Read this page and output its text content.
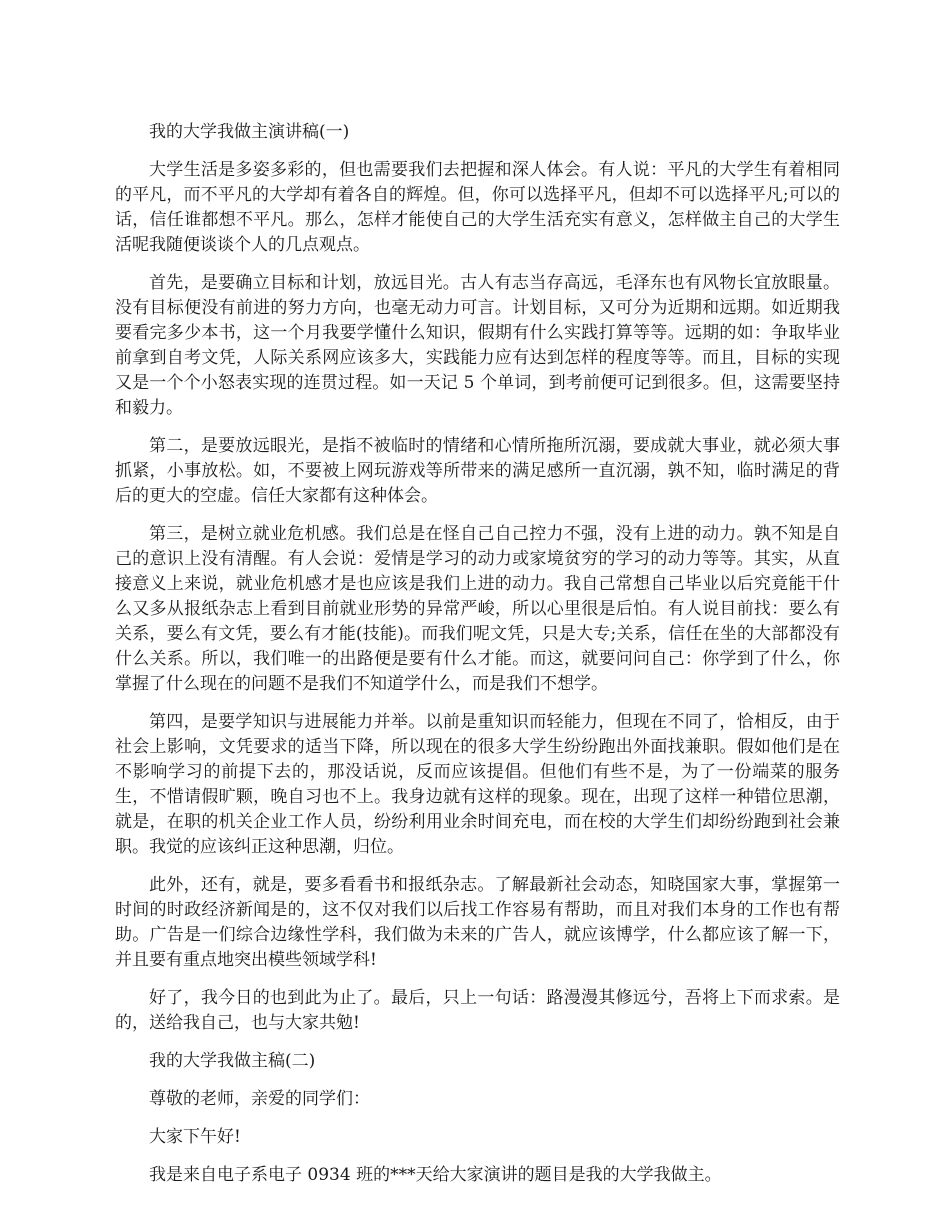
我的大学我做主演讲稿(一)

大学生活是多姿多彩的，但也需要我们去把握和深人体会。有人说：平凡的大学生有着相同的平凡，而不平凡的大学却有着各自的辉煌。但，你可以选择平凡，但却不可以选择平凡;可以的话，信任谁都想不平凡。那么，怎样才能使自己的大学生活充实有意义，怎样做主自己的大学生活呢我随便谈谈个人的几点观点。

首先，是要确立目标和计划，放远目光。古人有志当存高远，毛泽东也有风物长宜放眼量。没有目标便没有前进的努力方向，也毫无动力可言。计划目标，又可分为近期和远期。如近期我要看完多少本书，这一个月我要学懂什么知识，假期有什么实践打算等等。远期的如：争取毕业前拿到自考文凭，人际关系网应该多大，实践能力应有达到怎样的程度等等。而且，目标的实现又是一个个小怒表实现的连贯过程。如一天记 5 个单词，到考前便可记到很多。但，这需要坚持和毅力。

第二，是要放远眼光，是指不被临时的情绪和心情所拖所沉溺，要成就大事业，就必须大事抓紧，小事放松。如，不要被上网玩游戏等所带来的满足感所一直沉溺，孰不知，临时满足的背后的更大的空虚。信任大家都有这种体会。

第三，是树立就业危机感。我们总是在怪自己自己控力不强，没有上进的动力。孰不知是自己的意识上没有清醒。有人会说：爱情是学习的动力或家境贫穷的学习的动力等等。其实，从直接意义上来说，就业危机感才是也应该是我们上进的动力。我自己常想自己毕业以后究竟能干什么又多从报纸杂志上看到目前就业形势的异常严峻，所以心里很是后怕。有人说目前找：要么有关系，要么有文凭，要么有才能(技能)。而我们呢文凭，只是大专;关系，信任在坐的大部都没有什么关系。所以，我们唯一的出路便是要有什么才能。而这，就要问问自己：你学到了什么，你掌握了什么现在的问题不是我们不知道学什么，而是我们不想学。

第四，是要学知识与进展能力并举。以前是重知识而轻能力，但现在不同了，恰相反，由于社会上影响，文凭要求的适当下降，所以现在的很多大学生纷纷跑出外面找兼职。假如他们是在不影响学习的前提下去的，那没话说，反而应该提倡。但他们有些不是，为了一份端菜的服务生，不惜请假旷颗，晚自习也不上。我身边就有这样的现象。现在，出现了这样一种错位思潮，就是，在职的机关企业工作人员，纷纷利用业余时间充电，而在校的大学生们却纷纷跑到社会兼职。我觉的应该纠正这种思潮，归位。

此外，还有，就是，要多看看书和报纸杂志。了解最新社会动态，知晓国家大事，掌握第一时间的时政经济新闻是的，这不仅对我们以后找工作容易有帮助，而且对我们本身的工作也有帮助。广告是一们综合边缘性学科，我们做为未来的广告人，就应该博学，什么都应该了解一下，并且要有重点地突出模些领域学科!

好了，我今日的也到此为止了。最后，只上一句话：路漫漫其修远兮，吾将上下而求索。是的，送给我自己，也与大家共勉!

我的大学我做主稿(二)

尊敬的老师，亲爱的同学们：

大家下午好!

我是来自电子系电子 0934 班的***天给大家演讲的题目是我的大学我做主。
